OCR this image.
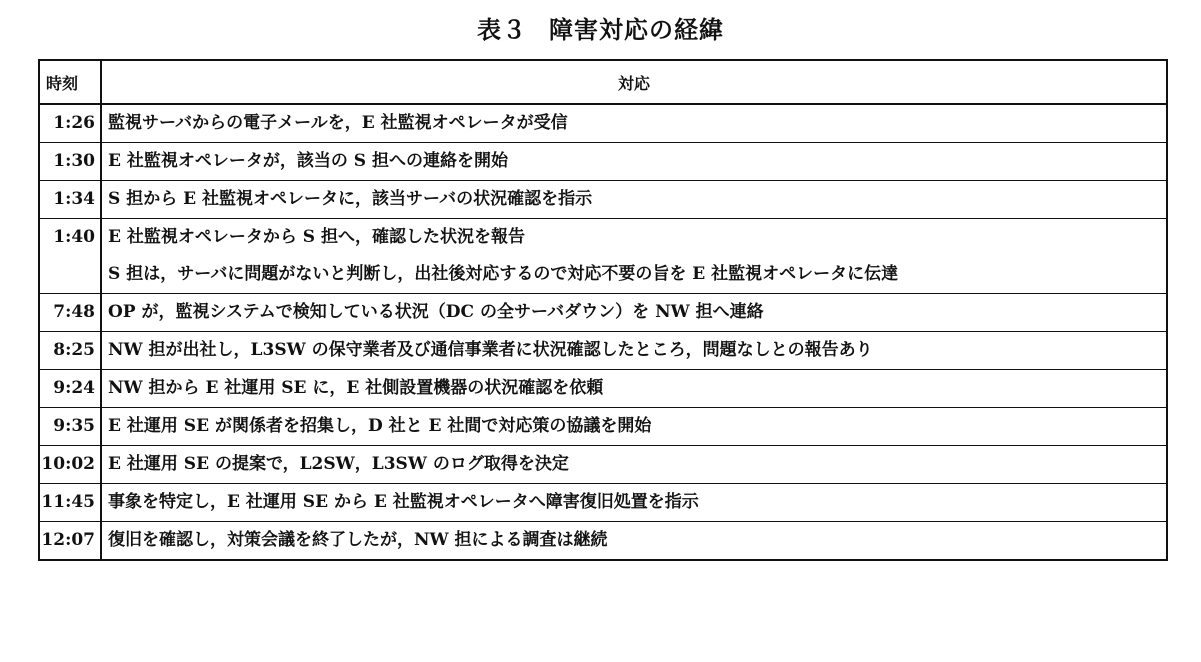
表３ 障害対応の経緯
時刻	対応

1:26	監視サーバからの電子メールを，E 社監視オペレータが受信

1:30	E 社監視オペレータが，該当の S 担への連絡を開始

1:34	S 担から E 社監視オペレータに，該当サーバの状況確認を指示

1:40	E 社監視オペレータから S 担へ，確認した状況を報告
S 担は，サーバに問題がないと判断し，出社後対応するので対応不要の旨を E 社監視オペレータに伝達

7:48	OP が，監視システムで検知している状況（DC の全サーバダウン）を NW 担へ連絡

8:25	NW 担が出社し，L3SW の保守業者及び通信事業者に状況確認したところ，問題なしとの報告あり

9:24	NW 担から E 社運用 SE に，E 社側設置機器の状況確認を依頼

9:35	E 社運用 SE が関係者を招集し，D 社と E 社間で対応策の協議を開始

10:02	E 社運用 SE の提案で，L2SW，L3SW のログ取得を決定

11:45	事象を特定し，E 社運用 SE から E 社監視オペレータへ障害復旧処置を指示

12:07	復旧を確認し，対策会議を終了したが，NW 担による調査は継続
